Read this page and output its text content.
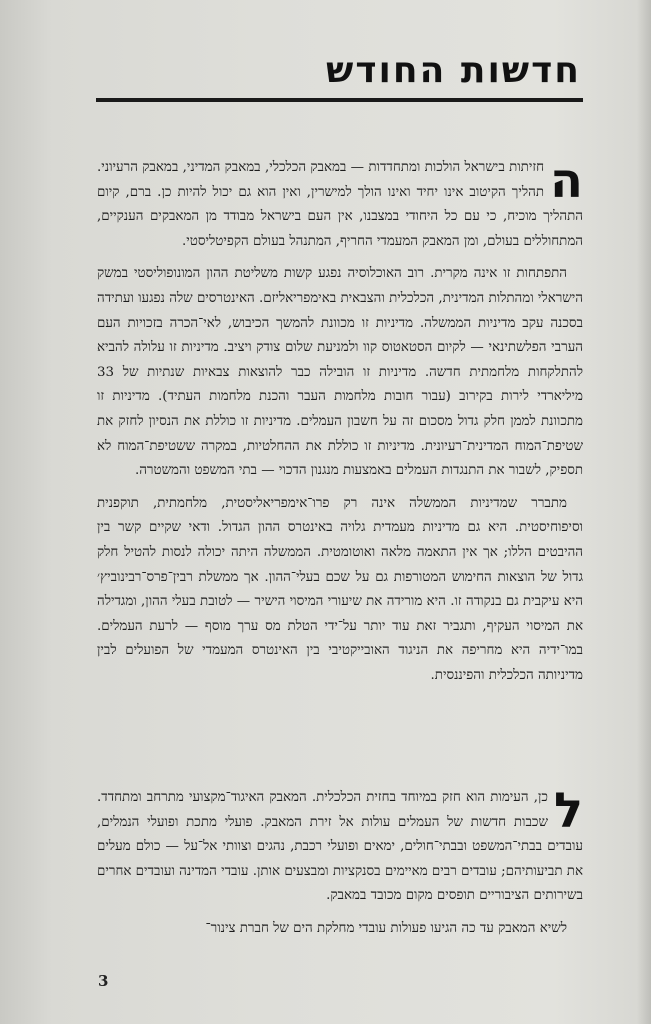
חדשות החודש

ה
חזיתות בישראל הולכות ומתחדדות — במאבק הכלכלי, במאבק המדיני, במאבק הרעיוני. תהליך הקיטוב אינו יחיד ואינו הולך למישרין, ואין הוא גם יכול להיות כן. ברם, קיום התהליך מוכיח, כי עם כל היחודי במצבנו, אין העם בישראל מבודד מן המאבקים הענקיים, המתחוללים בעולם, ומן המאבק המעמדי החריף, המתנהל בעולם הקפיטליסטי.

התפתחות זו אינה מקרית. רוב האוכלוסיה נפגע קשות משליטת ההון המונופוליסטי במשק הישראלי ומהתלות המדינית, הכלכלית והצבאית באימפריאליזם. האינטרסים שלה נפגעו ועתידה בסכנה עקב מדיניות הממשלה. מדיניות זו מכוונת להמשך הכיבוש, לאי־הכרה בזכויות העם הערבי הפלשתינאי — לקיום הסטאטוס קוו ולמניעת שלום צודק ויציב. מדיניות זו עלולה להביא להתלקחות מלחמתית חדשה. מדיניות זו הובילה כבר להוצאות צבאיות שנתיות של 33 מיליארדי לירות בקירוב (עבור חובות מלחמות העבר והכנת מלחמות העתיד). מדיניות זו מתכוונת לממן חלק גדול מסכום זה על חשבון העמלים. מדיניות זו כוללת את הנסיון לחזק את שטיפת־המוח המדינית־רעיונית. מדיניות זו כוללת את ההחלטיות, במקרה ששטיפת־המוח לא תספיק, לשבור את התנגדות העמלים באמצעות מנגנון הדכוי — בתי המשפט והמשטרה.

מתברר שמדיניות הממשלה אינה רק פרו־אימפריאליסטית, מלחמתית, תוקפנית וסיפוחיסטית. היא גם מדיניות מעמדית גלויה באינטרס ההון הגדול. ודאי שקיים קשר בין ההיבטים הללו; אך אין התאמה מלאה ואוטומטית. הממשלה היתה יכולה לנסות להטיל חלק גדול של הוצאות החימוש המטורפות גם על שכם בעלי־ההון. אך ממשלת רבין־פרס־רבינוביץ׳ היא עיקבית גם בנקודה זו. היא מורידה את שיעורי המיסוי הישיר — לטובת בעלי ההון, ומגדילה את המיסוי העקיף, ותגביר זאת עוד יותר על־ידי הטלת מס ערך מוסף — לרעת העמלים. במו־ידיה היא מחריפה את הניגוד האובייקטיבי בין האינטרס המעמדי של הפועלים לבין מדיניותה הכלכלית והפיננסית.

ל
כן, העימות הוא חזק במיוחד בחזית הכלכלית. המאבק האיגוד־מקצועי מתרחב ומתחדד. שכבות חדשות של העמלים עולות אל זירת המאבק. פועלי מתכת ופועלי הנמלים, עובדים בבתי־המשפט ובבתי־חולים, ימאים ופועלי רכבת, נהגים וצוותי אל־על — כולם מעלים את תביעותיהם; עובדים רבים מאיימים בסנקציות ומבצעים אותן. עובדי המדינה ועובדים אחרים בשירותים הציבוריים תופסים מקום מכובד במאבק.

לשיא המאבק עד כה הגיעו פעולות עובדי מחלקת הים של חברת צינור־

3
